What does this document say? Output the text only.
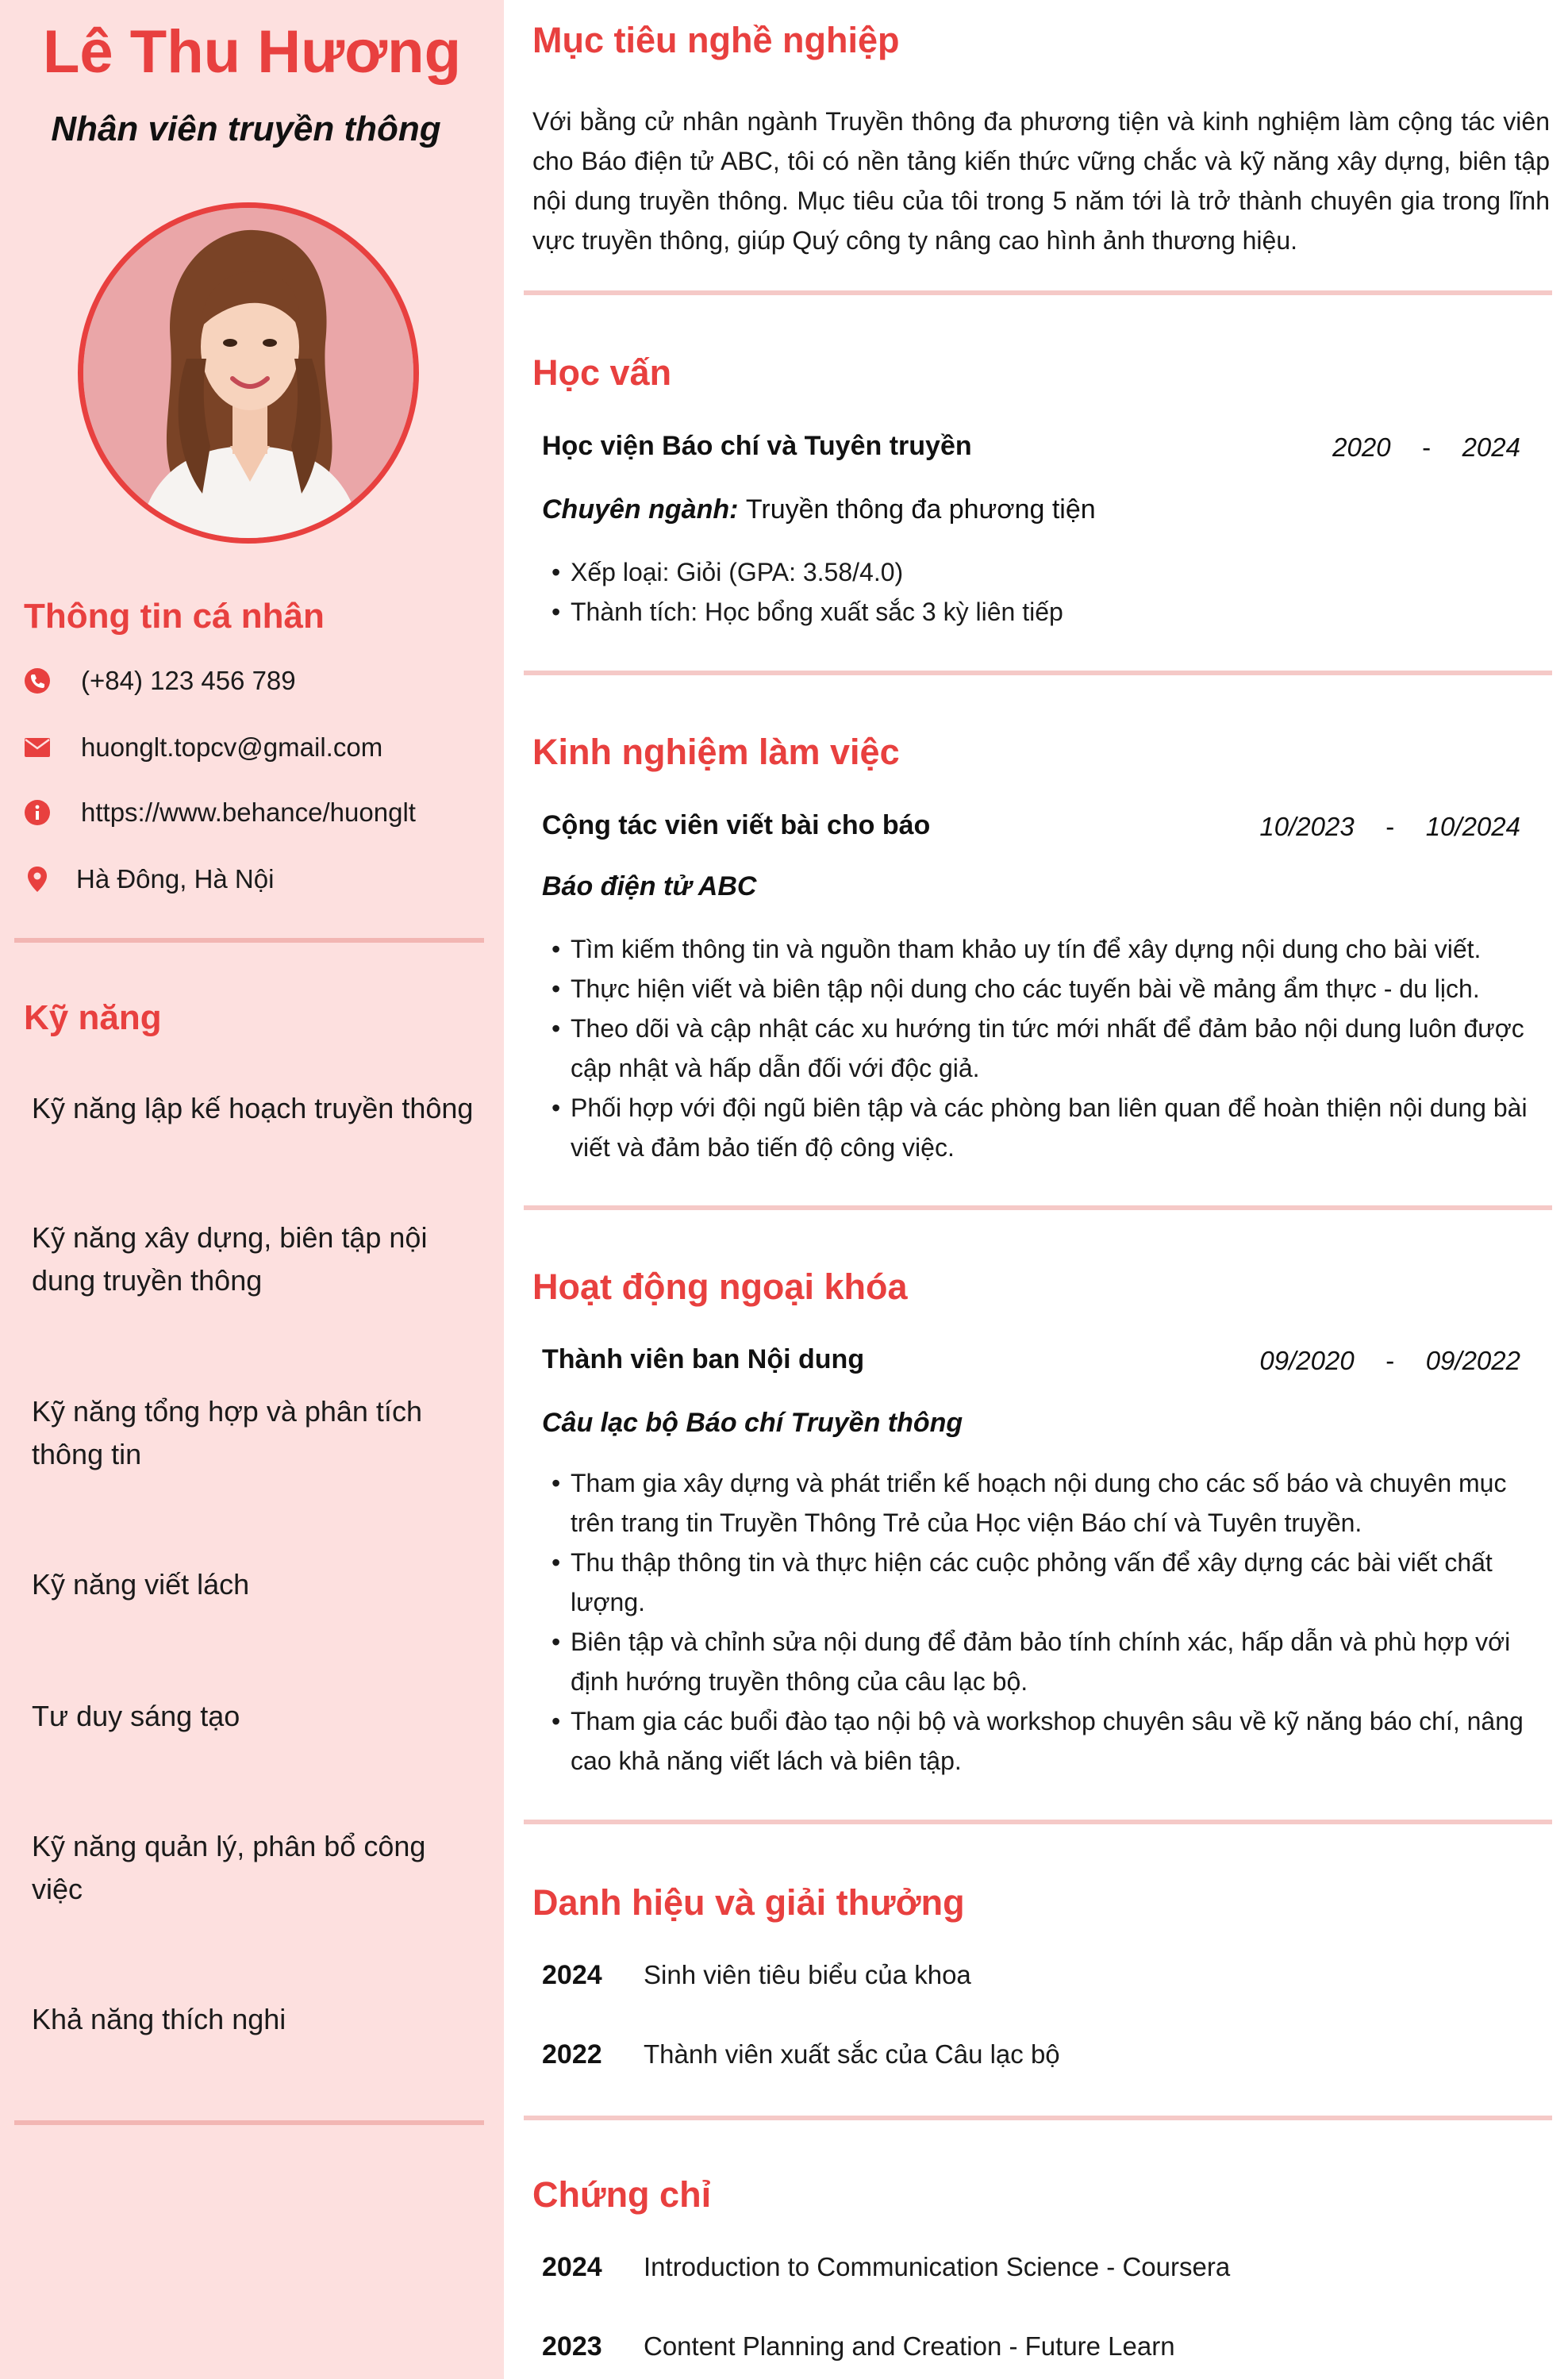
Lê Thu Hương
Nhân viên truyền thông
Thông tin cá nhân
(+84) 123 456 789
huonglt.topcv@gmail.com
https://www.behance/huonglt
Hà Đông, Hà Nội
Kỹ năng
Kỹ năng lập kế hoạch truyền thông
Kỹ năng xây dựng, biên tập nội dung truyền thông
Kỹ năng tổng hợp và phân tích thông tin
Kỹ năng viết lách
Tư duy sáng tạo
Kỹ năng quản lý, phân bổ công việc
Khả năng thích nghi
Mục tiêu nghề nghiệp
Với bằng cử nhân ngành Truyền thông đa phương tiện và kinh nghiệm làm cộng tác viên cho Báo điện tử ABC, tôi có nền tảng kiến thức vững chắc và kỹ năng xây dựng, biên tập nội dung truyền thông. Mục tiêu của tôi trong 5 năm tới là trở thành chuyên gia trong lĩnh vực truyền thông, giúp Quý công ty nâng cao hình ảnh thương hiệu.
Học vấn
Học viện Báo chí và Tuyên truyền	2020	-	2024
Chuyên ngành: Truyền thông đa phương tiện
• Xếp loại: Giỏi (GPA: 3.58/4.0)
• Thành tích: Học bổng xuất sắc 3 kỳ liên tiếp
Kinh nghiệm làm việc
Cộng tác viên viết bài cho báo	10/2023	-	10/2024
Báo điện tử ABC
• Tìm kiếm thông tin và nguồn tham khảo uy tín để xây dựng nội dung cho bài viết.
• Thực hiện viết và biên tập nội dung cho các tuyến bài về mảng ẩm thực - du lịch.
• Theo dõi và cập nhật các xu hướng tin tức mới nhất để đảm bảo nội dung luôn được cập nhật và hấp dẫn đối với độc giả.
• Phối hợp với đội ngũ biên tập và các phòng ban liên quan để hoàn thiện nội dung bài viết và đảm bảo tiến độ công việc.
Hoạt động ngoại khóa
Thành viên ban Nội dung	09/2020	-	09/2022
Câu lạc bộ Báo chí Truyền thông
• Tham gia xây dựng và phát triển kế hoạch nội dung cho các số báo và chuyên mục trên trang tin Truyền Thông Trẻ của Học viện Báo chí và Tuyên truyền.
• Thu thập thông tin và thực hiện các cuộc phỏng vấn để xây dựng các bài viết chất lượng.
• Biên tập và chỉnh sửa nội dung để đảm bảo tính chính xác, hấp dẫn và phù hợp với định hướng truyền thông của câu lạc bộ.
• Tham gia các buổi đào tạo nội bộ và workshop chuyên sâu về kỹ năng báo chí, nâng cao khả năng viết lách và biên tập.
Danh hiệu và giải thưởng
2024	Sinh viên tiêu biểu của khoa
2022	Thành viên xuất sắc của Câu lạc bộ
Chứng chỉ
2024	Introduction to Communication Science - Coursera
2023	Content Planning and Creation - Future Learn
